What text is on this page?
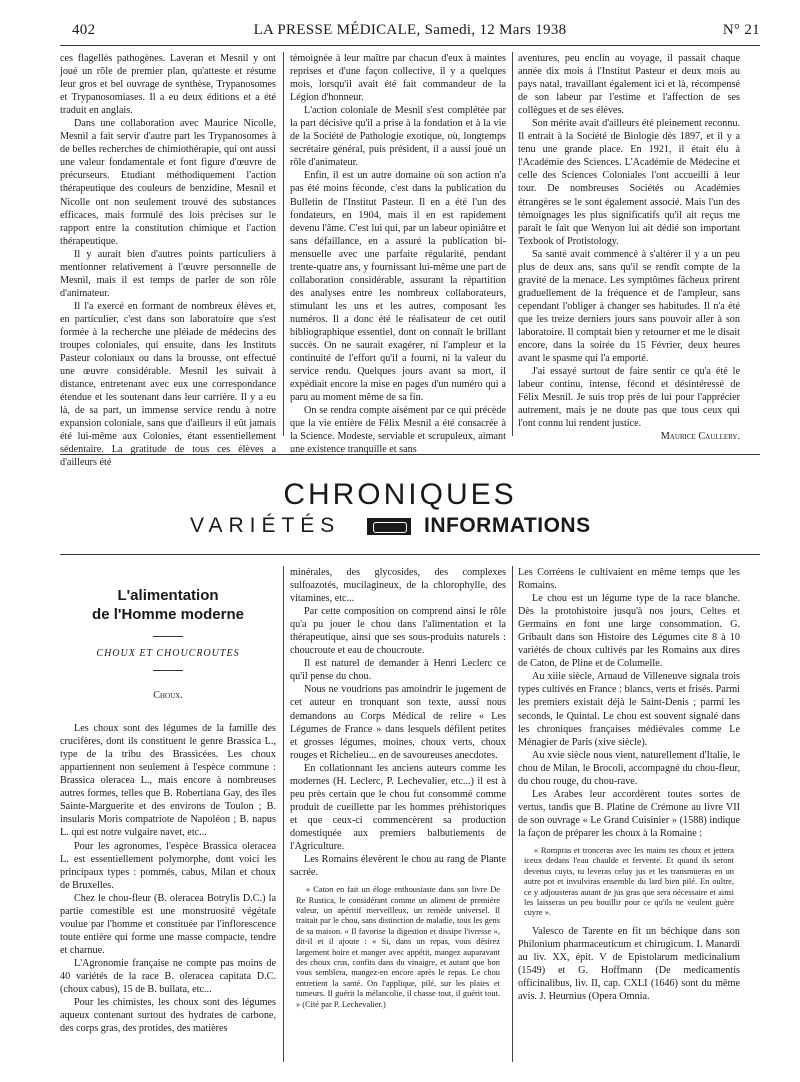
402	LA PRESSE MÉDICALE, Samedi, 12 Mars 1938	N° 21

ces flagellés pathogènes. Laveran et Mesnil y ont joué un rôle de premier plan, qu'atteste et résume leur gros et bel ouvrage de synthèse, Trypanosomes et Trypanosomiases. Il a eu deux éditions et a été traduit en anglais.

Dans une collaboration avec Maurice Nicolle, Mesnil a fait servir d'autre part les Trypanosomes à de belles recherches de chimiothérapie, qui ont aussi une valeur fondamentale et font figure d'œuvre de précurseurs. Etudiant méthodiquement l'action thérapeutique des couleurs de benzidine, Mesnil et Nicolle ont non seulement trouvé des substances efficaces, mais formulé des lois précises sur le rapport entre la constitution chimique et l'action thérapeutique.

Il y aurait bien d'autres points particuliers à mentionner relativement à l'œuvre personnelle de Mesnil, mais il est temps de parler de son rôle d'animateur.

Il l'a exercé en formant de nombreux élèves et, en particulier, c'est dans son laboratoire que s'est formée à la recherche une pléiade de médecins des troupes coloniales, qui ensuite, dans les Instituts Pasteur coloniaux ou dans la brousse, ont effectué une œuvre considérable. Mesnil les suivait à distance, entretenant avec eux une correspondance étendue et les soutenant dans leur carrière. Il y a eu là, de sa part, un immense service rendu à notre expansion coloniale, sans que d'ailleurs il eût jamais été lui-même aux Colonies, étant essentiellement sédentaire. La gratitude de tous ces élèves a d'ailleurs été

témoignée à leur maître par chacun d'eux à maintes reprises et d'une façon collective, il y a quelques mois, lorsqu'il avait été fait commandeur de la Légion d'honneur.

L'action coloniale de Mesnil s'est complétée par la part décisive qu'il a prise à la fondation et à la vie de la Société de Pathologie exotique, où, longtemps secrétaire général, puis président, il a aussi joué un rôle d'animateur.

Enfin, il est un autre domaine où son action n'a pas été moins féconde, c'est dans la publication du Bulletin de l'Institut Pasteur. Il en a été l'un des fondateurs, en 1904, mais il en est rapidement devenu l'âme. C'est lui qui, par un labeur opiniâtre et sans défaillance, en a assuré la publication bi-mensuelle avec une parfaite régularité, pendant trente-quatre ans, y fournissant lui-même une part de collaboration considérable, assurant la répartition des analyses entre les nombreux collaborateurs, stimulant les uns et les autres, composant les numéros. Il a donc été le réalisateur de cet outil bibliographique essentiel, dont on connaît le brillant succès. On ne saurait exagérer, ni l'ampleur et la continuité de l'effort qu'il a fourni, ni la valeur du service rendu. Quelques jours avant sa mort, il expédiait encore la mise en pages d'un numéro qui a paru au moment même de sa fin.

On se rendra compte aisément par ce qui précède que la vie entière de Félix Mesnil a été consacrée à la Science. Modeste, serviable et scrupuleux, aimant une existence tranquille et sans

aventures, peu enclin au voyage, il passait chaque année dix mois à l'Institut Pasteur et deux mois au pays natal, travaillant également ici et là, récompensé de son labeur par l'estime et l'affection de ses collègues et de ses élèves.

Son mérite avait d'ailleurs été pleinement reconnu. Il entrait à la Société de Biologie dès 1897, et il y a tenu une grande place. En 1921, il était élu à l'Académie des Sciences. L'Académie de Médecine et celle des Sciences Coloniales l'ont accueilli à leur tour. De nombreuses Sociétés ou Académies étrangères se le sont également associé. Mais l'un des témoignages les plus significatifs qu'il ait reçus me paraît le fait que Wenyon lui ait dédié son important Texbook of Protistology.

Sa santé avait commencé à s'altérer il y a un peu plus de deux ans, sans qu'il se rendît compte de la gravité de la menace. Les symptômes fâcheux prirent graduellement de la fréquence et de l'ampleur, sans cependant l'obliger à changer ses habitudes. Il n'a été que les treize derniers jours sans pouvoir aller à son laboratoire. Il comptait bien y retourner et me le disait encore, dans la soirée du 15 Février, deux heures avant le spasme qui l'a emporté.

J'ai essayé surtout de faire sentir ce qu'a été le labeur continu, intense, fécond et désintéressé de Félix Mesnil. Je suis trop près de lui pour l'apprécier autrement, mais je ne doute pas que tous ceux qui l'ont connu lui rendent justice.

Maurice Caullery.

CHRONIQUES
VARIÉTÉS	INFORMATIONS
L'alimentation
de l'Homme moderne
CHOUX ET CHOUCROUTES
Choux.

Les choux sont des légumes de la famille des crucifères, dont ils constituent le genre Brassica L., type de la tribu des Brassicées. Les choux appartiennent non seulement à l'espèce commune : Brassica oleracea L., mais encore à nombreuses autres formes, telles que B. Robertiana Gay, des îles Sainte-Marguerite et des environs de Toulon ; B. insularis Moris compatriote de Napoléon ; B. napus L. qui est notre vulgaire navet, etc...

Pour les agronomes, l'espèce Brassica oleracea L. est essentiellement polymorphe, dont voici les principaux types : pommés, cabus, Milan et choux de Bruxelles.

Chez le chou-fleur (B. oleracea Botrylis D.C.) la partie comestible est une monstruosité végétale voulue par l'homme et constituée par l'inflorescence toute entière qui forme une masse compacte, tendre et charnue.

L'Agronomie française ne compte pas moins de 40 variétés de la race B. oleracea capitata D.C. (choux cabus), 15 de B. bullata, etc...

Pour les chimistes, les choux sont des légumes aqueux contenant surtout des hydrates de carbone, des corps gras, des protides, des matières

minérales, des glycosides, des complexes sulfoazotés, mucilagineux, de la chlorophylle, des vitamines, etc...

Par cette composition on comprend ainsi le rôle qu'a pu jouer le chou dans l'alimentation et la thérapeutique, ainsi que ses sous-produits naturels : choucroute et eau de choucroute.

Il est naturel de demander à Henri Leclerc ce qu'il pense du chou.

Nous ne voudrions pas amoindrir le jugement de cet auteur en tronquant son texte, aussi nous demandons au Corps Médical de relire « Les Légumes de France » dans lesquels défilent petites et grosses légumes, moines, choux verts, choux rouges et Richelieu... en de savoureuses anecdotes.

En collationnant les anciens auteurs comme les modernes (H. Leclerc, P. Lechevalier, etc...) il est à peu près certain que le chou fut consommé comme produit de cueillette par les hommes préhistoriques et que ceux-ci commencèrent sa production domestiquée aux premiers balbutiements de l'Agriculture.

Les Romains élevèrent le chou au rang de Plante sacrée.

« Caton en fait un éloge enthousiaste dans son livre De Re Rustica, le considérant comme un aliment de première valeur, un apéritif merveilleux, un remède universel. Il traitait par le chou, sans distinction de maladie, tous les gens de sa maison. « Il favorise la digestion et dissipe l'ivresse », dit-il et il ajoute : « Si, dans un repas, vous désirez largement boire et manger avec appétit, mangez auparavant des choux crus, confits dans du vinaigre, et autant que bon vous semblera, mangez-en encore après le repas. Le chou entretient la santé. On l'applique, pilé, sur les plaies et tumeurs. Il guérit la mélancolie, il chasse tout, il guérit tout. » (Cité par P. Lechevalier.)

Les Corréens le cultivaient en même temps que les Romains.

Le chou est un légume type de la race blanche. Dès la protohistoire jusqu'à nos jours, Celtes et Germains en font une large consommation. G. Gribault dans son Histoire des Légumes cite 8 à 10 variétés de choux cultivés par les Romains aux dires de Caton, de Pline et de Columelle.

Au xiiie siècle, Arnaud de Villeneuve signala trois types cultivés en France : blancs, verts et frisés. Parmi les premiers existait déjà le Saint-Denis ; parmi les seconds, le Quintal. Le chou est souvent signalé dans les chroniques françaises médiévales comme Le Ménagier de Paris (xive siècle).

Au xvie siècle nous vient, naturellement d'Italie, le chou de Milan, le Brocoli, accompagné du chou-fleur, du chou rouge, du chou-rave.

Les Arabes leur accordèrent toutes sortes de vertus, tandis que B. Platine de Crémone au livre VII de son ouvrage « Le Grand Cuisinier » (1588) indique la façon de préparer les choux à la Romaine :

« Rompras et tronceras avec les mains tes choux et jettera iceux dedans l'eau chaulde et fervente. Et quand ils seront devenus cuyts, tu leveras celuy jus et les transmueras en un autre pot et invulviras ensemble du lard bien pilé. En oultre, ce y adjousteras autant de jus gras que sera nécessaire et ainsi les laisseras un peu bouillir pour ce qu'ils ne veulent guère cuyre ».

Valesco de Tarente en fit un béchique dans son Philonium pharmaceuticum et chirugicum. I. Manardi au liv. XX, épit. V de Epistolarum medicinalium (1549) et G. Hoffmann (De medicamentis officinalibus, liv. II, cap. CXLI (1646) sont du même avis. J. Heurnius (Opera Omnia.
